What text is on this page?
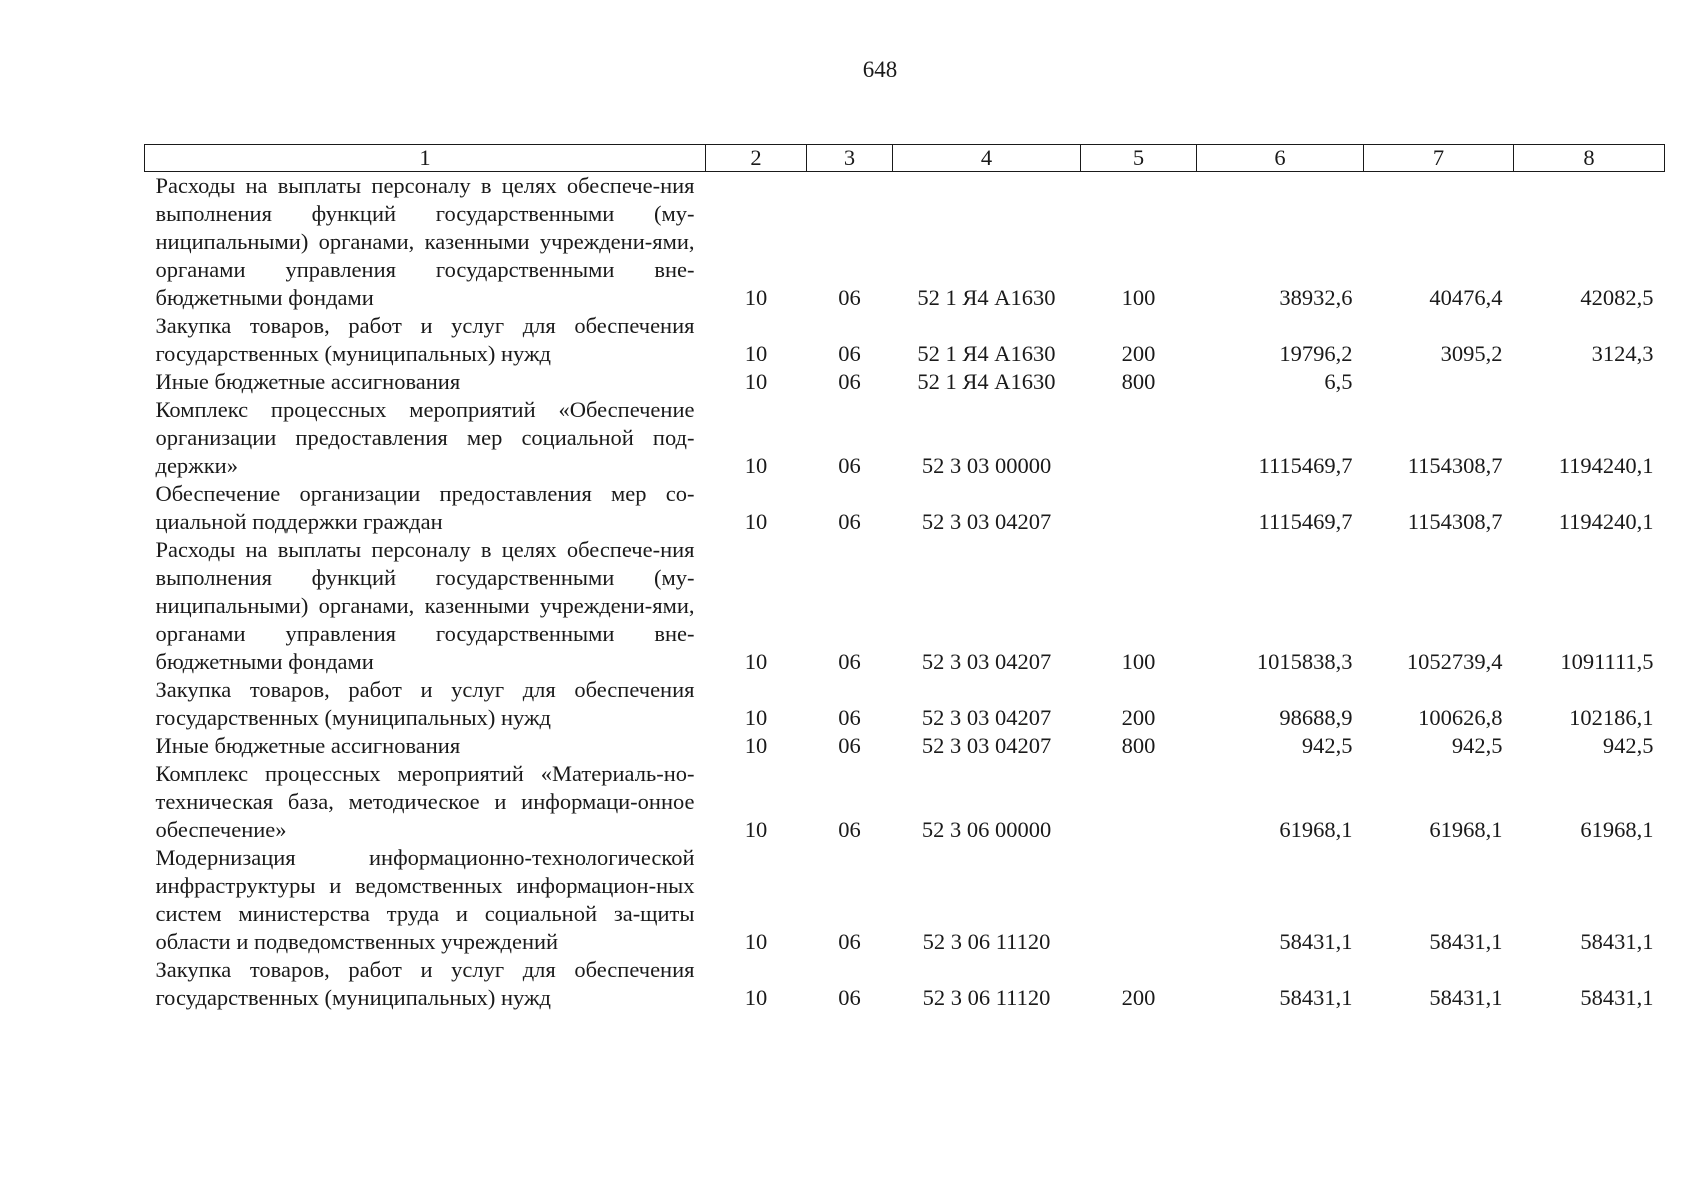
648
1	2	3	4	5	6	7	8
Расходы на выплаты персоналу в целях обеспече-ния выполнения функций государственными (му-ниципальными) органами, казенными учреждени-ями, органами управления государственными вне-бюджетными фондами	10	06	52 1 Я4 А1630	100	38932,6	40476,4	42082,5
Закупка товаров, работ и услуг для обеспечения государственных (муниципальных) нужд	10	06	52 1 Я4 А1630	200	19796,2	3095,2	3124,3
Иные бюджетные ассигнования	10	06	52 1 Я4 А1630	800	6,5		
Комплекс процессных мероприятий «Обеспечение организации предоставления мер социальной под-держки»	10	06	52 3 03 00000		1115469,7	1154308,7	1194240,1
Обеспечение организации предоставления мер со-циальной поддержки граждан	10	06	52 3 03 04207		1115469,7	1154308,7	1194240,1
Расходы на выплаты персоналу в целях обеспече-ния выполнения функций государственными (му-ниципальными) органами, казенными учреждени-ями, органами управления государственными вне-бюджетными фондами	10	06	52 3 03 04207	100	1015838,3	1052739,4	1091111,5
Закупка товаров, работ и услуг для обеспечения государственных (муниципальных) нужд	10	06	52 3 03 04207	200	98688,9	100626,8	102186,1
Иные бюджетные ассигнования	10	06	52 3 03 04207	800	942,5	942,5	942,5
Комплекс процессных мероприятий «Материаль-но-техническая база, методическое и информаци-онное обеспечение»	10	06	52 3 06 00000		61968,1	61968,1	61968,1
Модернизация информационно-технологической инфраструктуры и ведомственных информацион-ных систем министерства труда и социальной за-щиты области и подведомственных учреждений	10	06	52 3 06 11120		58431,1	58431,1	58431,1
Закупка товаров, работ и услуг для обеспечения государственных (муниципальных) нужд	10	06	52 3 06 11120	200	58431,1	58431,1	58431,1
